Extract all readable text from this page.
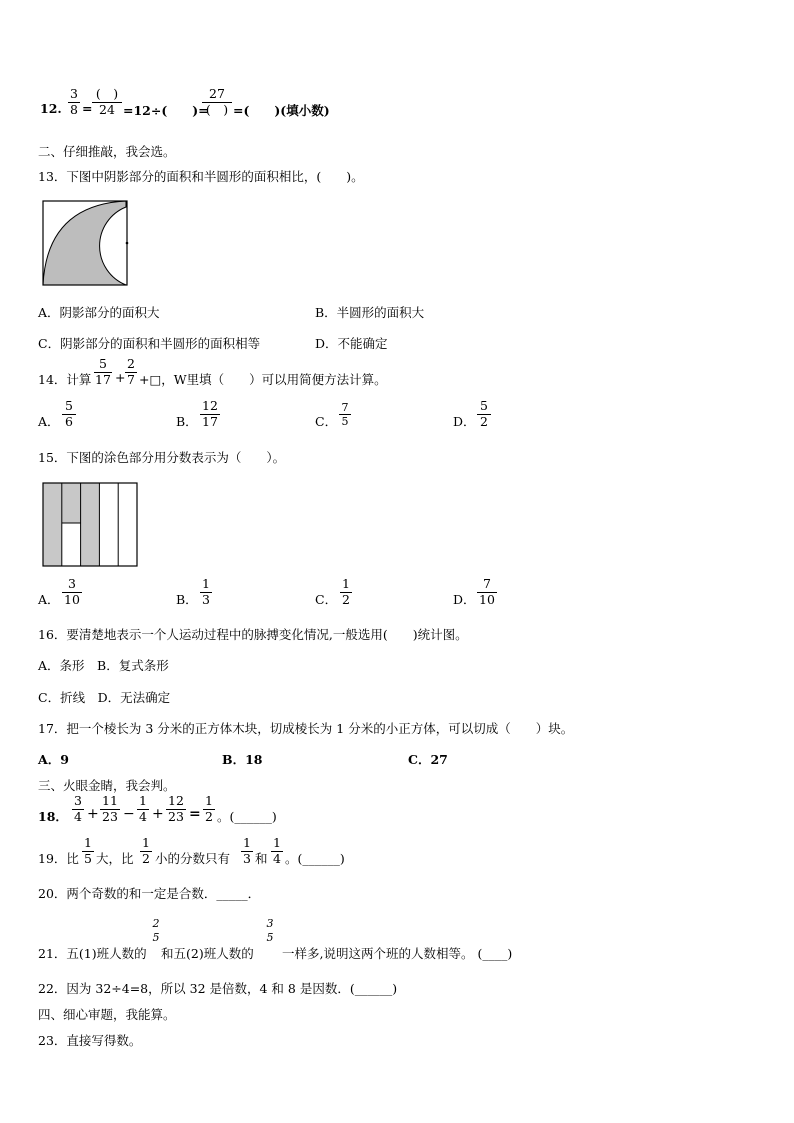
12.
3
8 =
(　)
24 =12÷(　　)=
27
(　) =(　　)(填小数)
二、仔细推敲，我会选。
13．下图中阴影部分的面积和半圆形的面积相比，(　　)。
A．阴影部分的面积大	B．半圆形的面积大
C．阴影部分的面积和半圆形的面积相等	D．不能确定
14．计算
5
17 +
2
7 +□，W里填（　　）可以用简便方法计算。
A．
5
6	B．
12
17	C．
7
5	D．
5
2
15．下图的涂色部分用分数表示为（　　）。
A．
3
10	B．
1
3	C．
1
2	D．
7
10
16．要清楚地表示一个人运动过程中的脉搏变化情况,一般选用(　　)统计图。
A．条形　B．复式条形
C．折线　D．无法确定
17．把一个棱长为 3 分米的正方体木块，切成棱长为 1 分米的小正方体，可以切成（　　）块。
A．9	B．18	C．27
三、火眼金睛，我会判。
18．
3
4 +
11
23 −
1
4 +
12
23 =
1
2 。(______)
19．比
1
5 大，比
1
2 小的分数只有
1
3 和
1
4 。(______)
20．两个奇数的和一定是合数．_____．
21．五(1)班人数的
2
5
和五(2)班人数的
3
5
一样多,说明这两个班的人数相等。 (____)
22．因为 32÷4=8，所以 32 是倍数，4 和 8 是因数．(______)
四、细心审题，我能算。
23．直接写得数。
